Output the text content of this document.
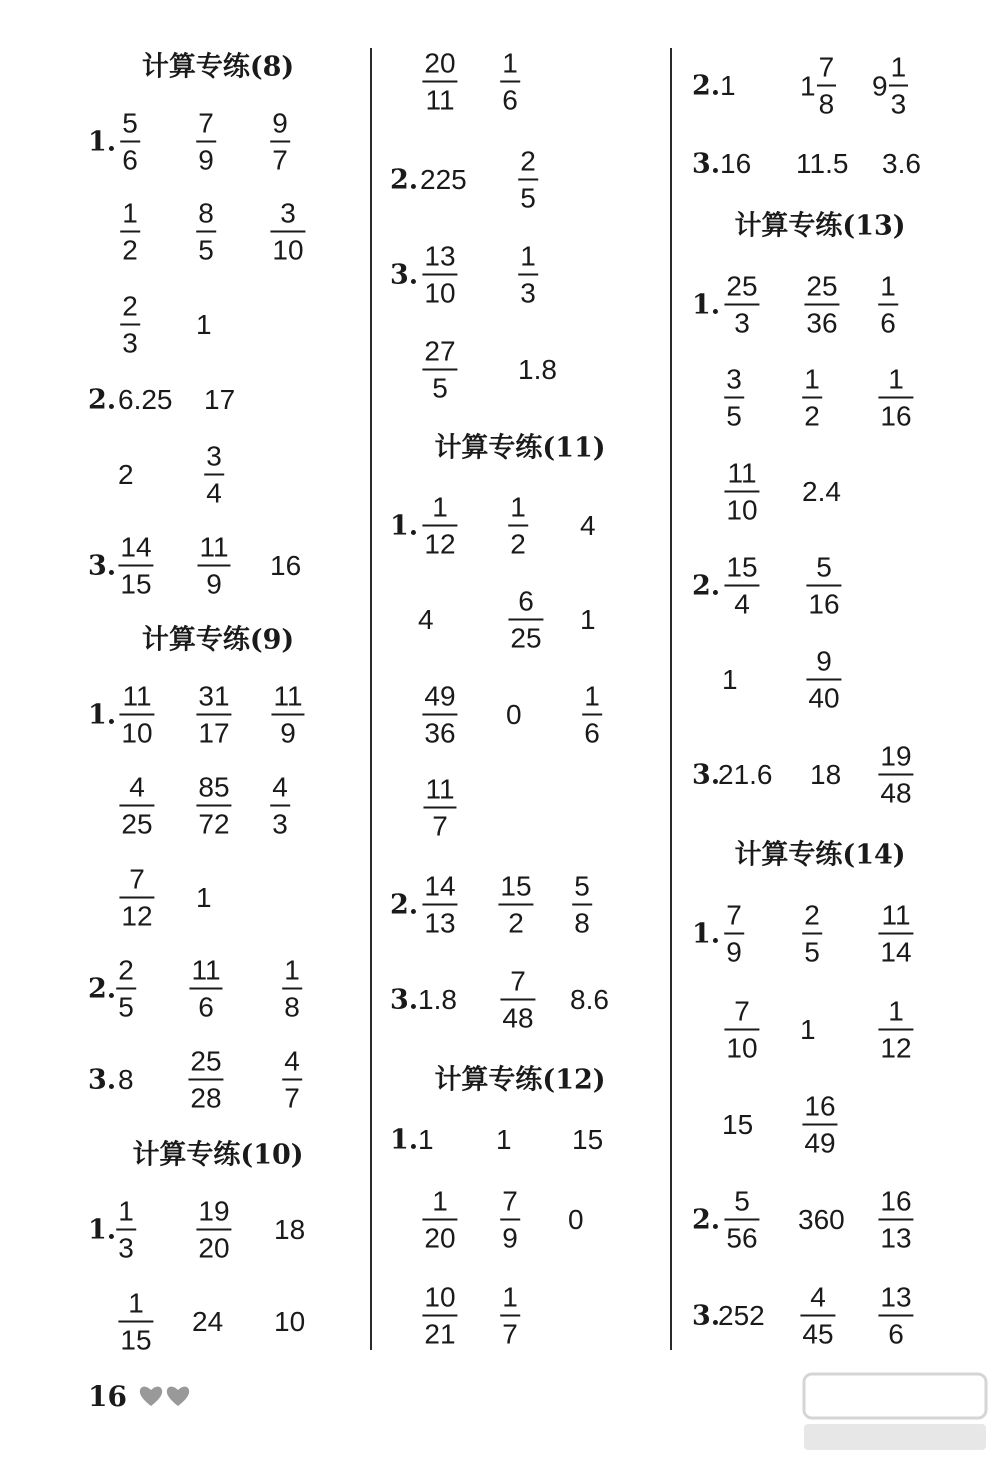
计算专练(8)
1.
5
6
7
9
9
7
1
2
8
5
3
10
2
3
1
2. 6.25 17
2
3
4
3.
14
15
11
9
16
计算专练(9)
1.
11
10
31
17
11
9
4
25
85
72
4
3
7
12
1
2.
2
5
11
6
1
8
3. 8
25
28
4
7
计算专练(10)
1.
1
3
19
20
18
1
15
24 10
20
11
1
6
2. 225
2
5
3.
13
10
1
3
27
5
1.8
计算专练(11)
1.
1
12
1
2
4
4
6
25
1
49
36
0
1
6
11
7
2.
14
13
15
2
5
8
3. 1.8
7
48
8.6
计算专练(12)
1. 1 1 15
1
20
7
9
0
10
21
1
7
2. 1 $1 \frac{7}{8} 9 \frac{1}{3}$
3. 16 11.5 3.6
计算专练(13)
1.
25
3
25
36
1
6
3
5
1
2
1
16
11
10
2.4
2.
15
4
5
16
1
9
40
3.
21.6 18
19
48
计算专练(14)
1.
7
9
2
5
11
14
7
10
1
1
12
15
16
49
2.
5
56
360
16
13
3.
252
4
45
13
6
16
